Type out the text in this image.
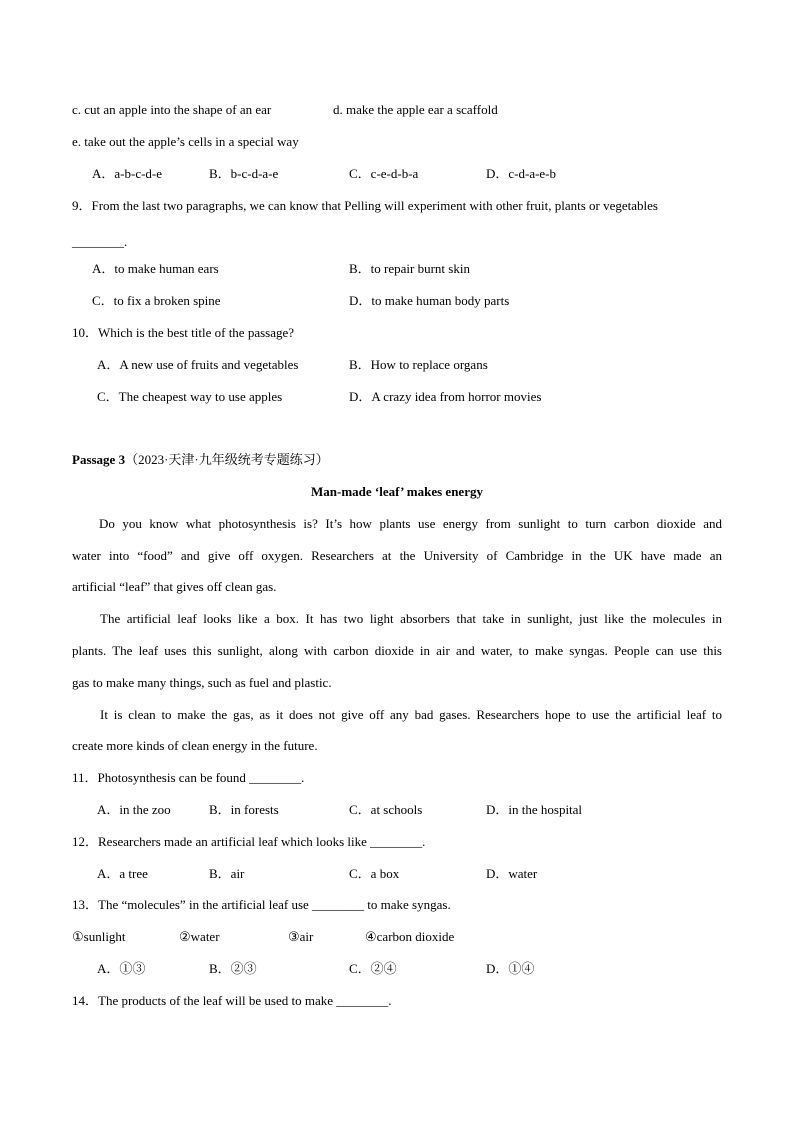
c. cut an apple into the shape of an ear	d. make the apple ear a scaffold
e. take out the apple’s cells in a special way
A．a-b-c-d-e	B．b-c-d-a-e	C．c-e-d-b-a	D．c-d-a-e-b
9．From the last two paragraphs, we can know that Pelling will experiment with other fruit, plants or vegetables
________.
A．to make human ears	B．to repair burnt skin
C．to fix a broken spine	D．to make human body parts
10．Which is the best title of the passage?
A．A new use of fruits and vegetables	B．How to replace organs
C．The cheapest way to use apples	D．A crazy idea from horror movies
Passage 3（2023·天津·九年级统考专题练习）
Man-made ‘leaf’ makes energy
Do you know what photosynthesis is? It’s how plants use energy from sunlight to turn carbon dioxide and
water into “food” and give off oxygen. Researchers at the University of Cambridge in the UK have made an
artificial “leaf” that gives off clean gas.
The artificial leaf looks like a box. It has two light absorbers that take in sunlight, just like the molecules in
plants. The leaf uses this sunlight, along with carbon dioxide in air and water, to make syngas. People can use this
gas to make many things, such as fuel and plastic.
It is clean to make the gas, as it does not give off any bad gases. Researchers hope to use the artificial leaf to
create more kinds of clean energy in the future.
11．Photosynthesis can be found ________.
A．in the zoo	B．in forests	C．at schools	D．in the hospital
12．Researchers made an artificial leaf which looks like ________.
A．a tree	B．air	C．a box	D．water
13．The “molecules” in the artificial leaf use ________ to make syngas.
①sunlight	②water	③air	④carbon dioxide
A．①③	B．②③	C．②④	D．①④
14．The products of the leaf will be used to make ________.
